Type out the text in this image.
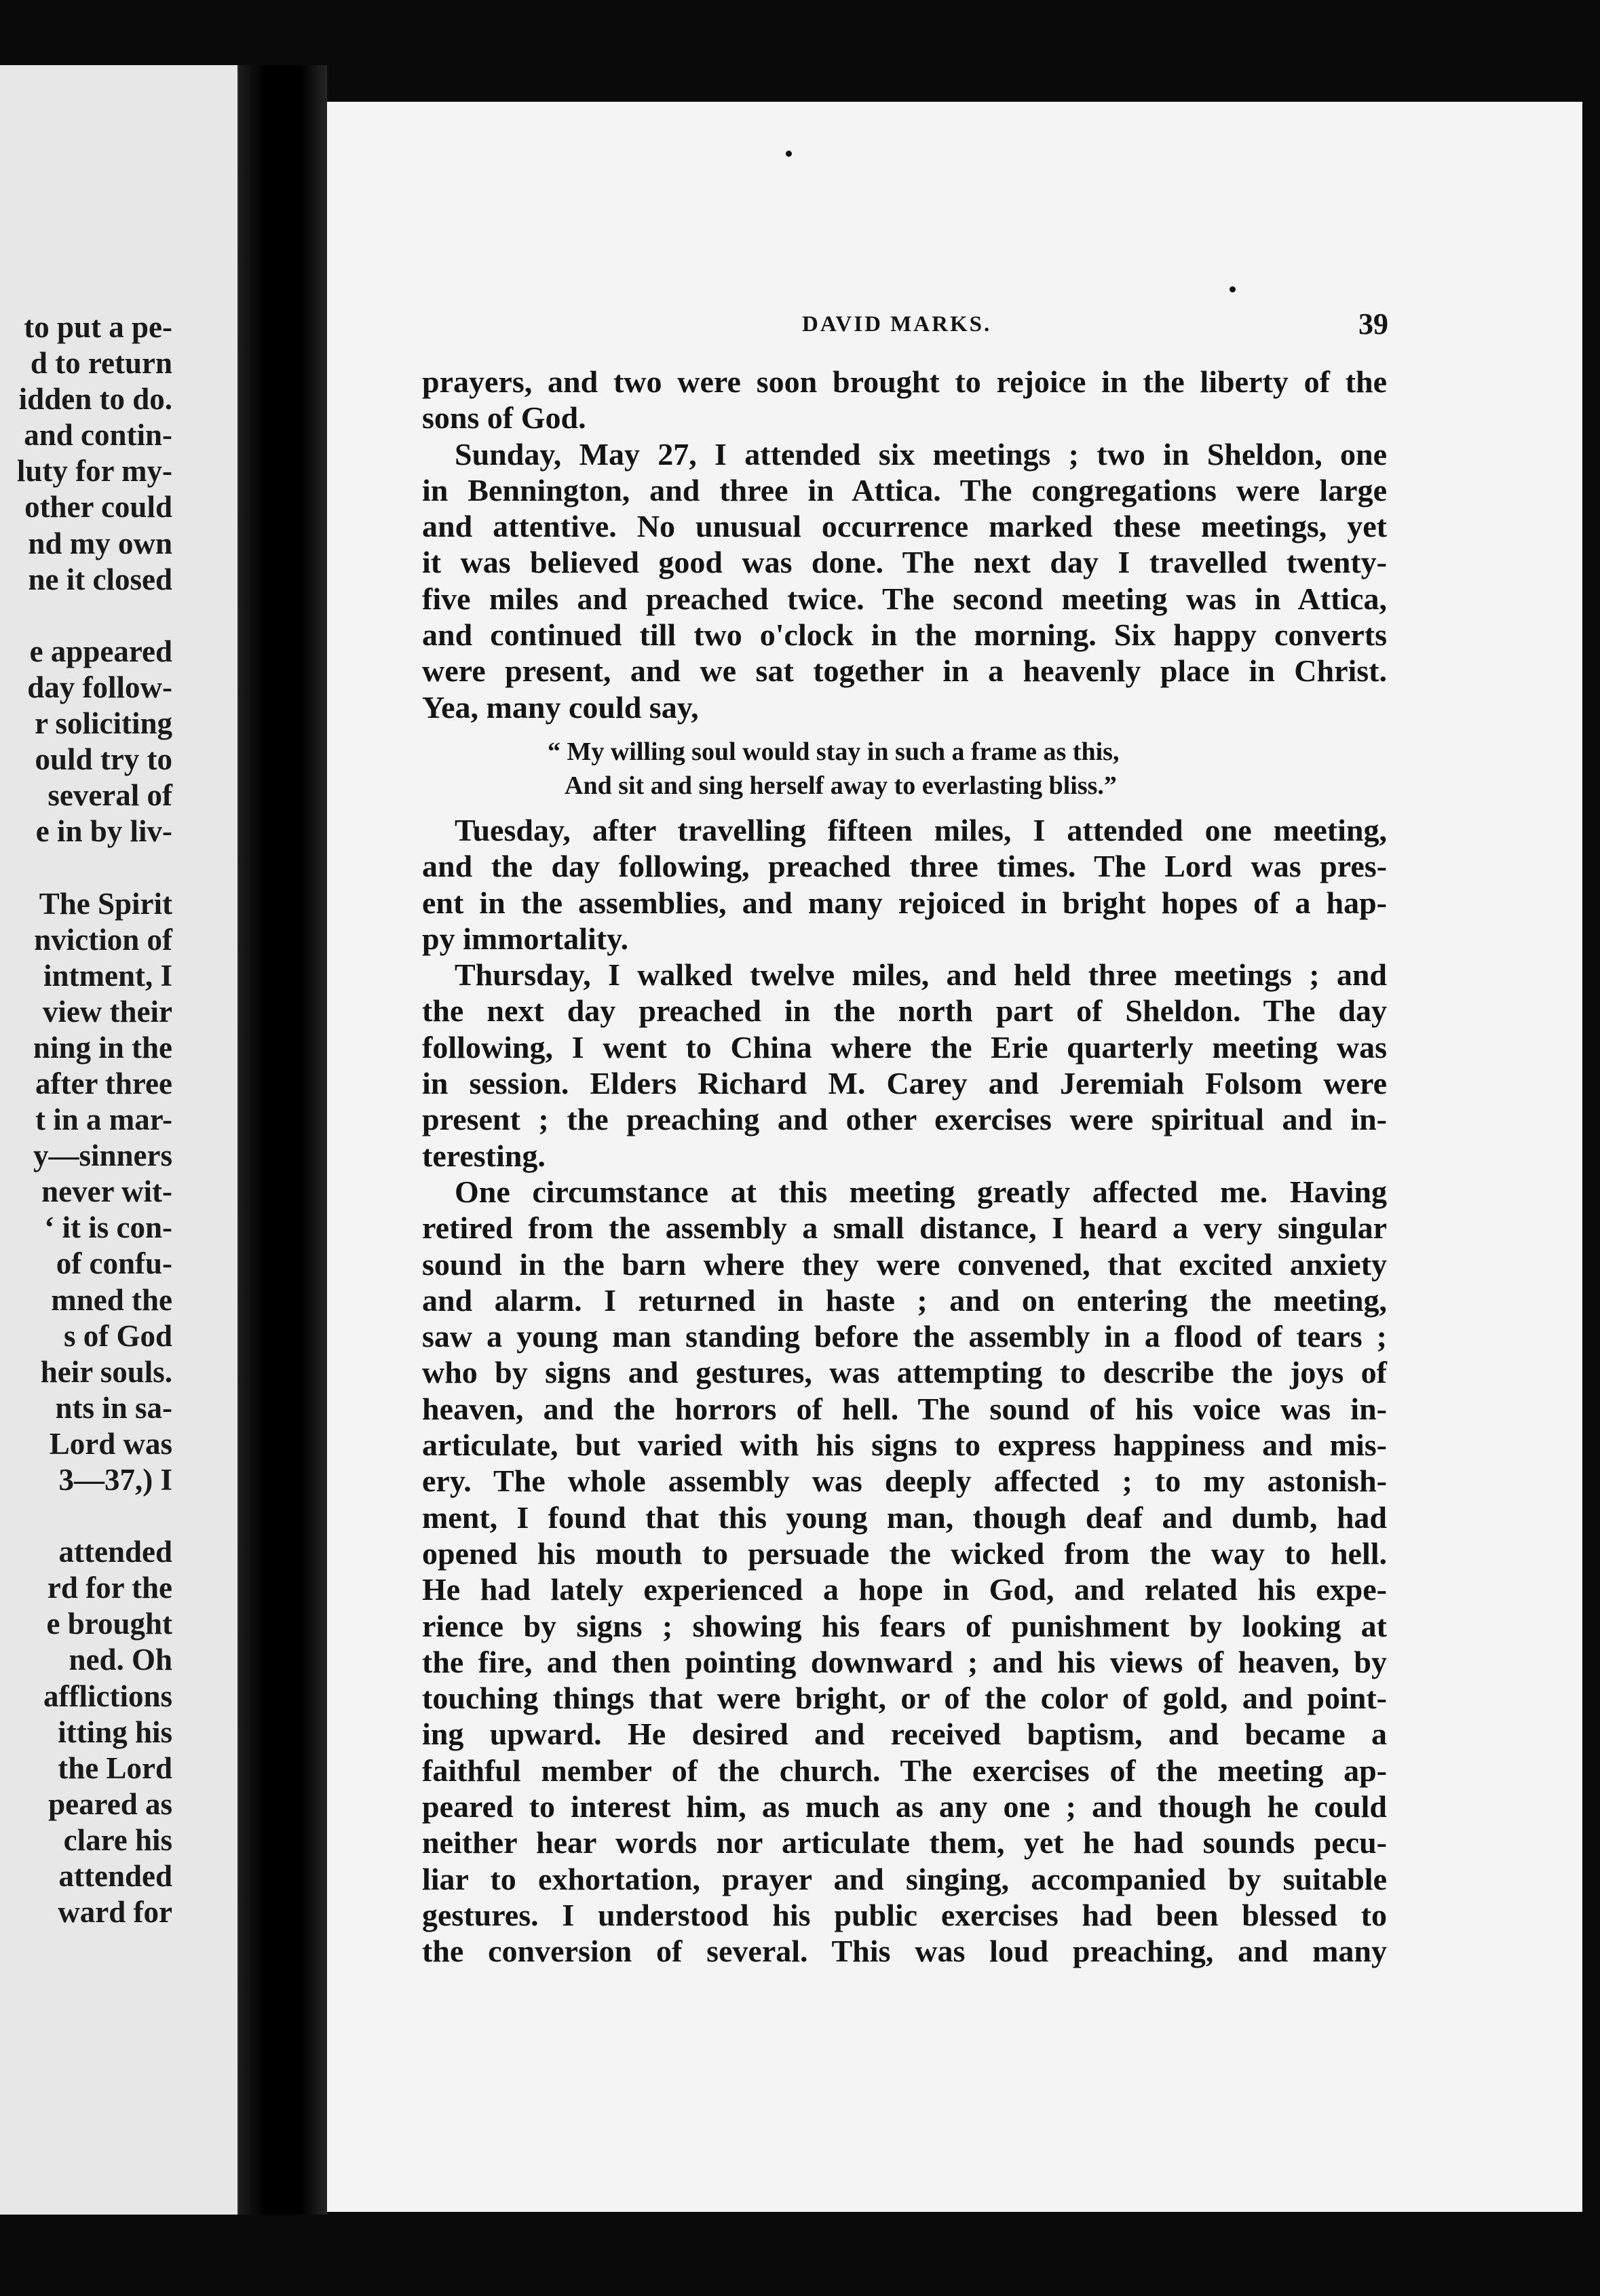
to put a pe-
d to return
idden to do.
and contin-
luty for my-
other could
nd my own
ne it closed
e appeared
day follow-
r soliciting
ould try to
several of
e in by liv-
The Spirit
nviction of
intment, I
view their
ning in the
after three
t in a mar-
y—sinners
never wit-
‘ it is con-
of confu-
mned the
s of God
heir souls.
nts in sa-
Lord was
3—37,) I
attended
rd for the
e brought
ned. Oh
afflictions
itting his
the Lord
peared as
clare his
attended
ward for
DAVID MARKS.	39
prayers, and two were soon brought to rejoice in the liberty of the
sons of God.
Sunday, May 27, I attended six meetings ; two in Sheldon, one
in Bennington, and three in Attica. The congregations were large
and attentive. No unusual occurrence marked these meetings, yet
it was believed good was done. The next day I travelled twenty-
five miles and preached twice. The second meeting was in Attica,
and continued till two o'clock in the morning. Six happy converts
were present, and we sat together in a heavenly place in Christ.
Yea, many could say,
“ My willing soul would stay in such a frame as this,
And sit and sing herself away to everlasting bliss.”
Tuesday, after travelling fifteen miles, I attended one meeting,
and the day following, preached three times. The Lord was pres-
ent in the assemblies, and many rejoiced in bright hopes of a hap-
py immortality.
Thursday, I walked twelve miles, and held three meetings ; and
the next day preached in the north part of Sheldon. The day
following, I went to China where the Erie quarterly meeting was
in session. Elders Richard M. Carey and Jeremiah Folsom were
present ; the preaching and other exercises were spiritual and in-
teresting.
One circumstance at this meeting greatly affected me. Having
retired from the assembly a small distance, I heard a very singular
sound in the barn where they were convened, that excited anxiety
and alarm. I returned in haste ; and on entering the meeting,
saw a young man standing before the assembly in a flood of tears ;
who by signs and gestures, was attempting to describe the joys of
heaven, and the horrors of hell. The sound of his voice was in-
articulate, but varied with his signs to express happiness and mis-
ery. The whole assembly was deeply affected ; to my astonish-
ment, I found that this young man, though deaf and dumb, had
opened his mouth to persuade the wicked from the way to hell.
He had lately experienced a hope in God, and related his expe-
rience by signs ; showing his fears of punishment by looking at
the fire, and then pointing downward ; and his views of heaven, by
touching things that were bright, or of the color of gold, and point-
ing upward. He desired and received baptism, and became a
faithful member of the church. The exercises of the meeting ap-
peared to interest him, as much as any one ; and though he could
neither hear words nor articulate them, yet he had sounds pecu-
liar to exhortation, prayer and singing, accompanied by suitable
gestures. I understood his public exercises had been blessed to
the conversion of several. This was loud preaching, and many
